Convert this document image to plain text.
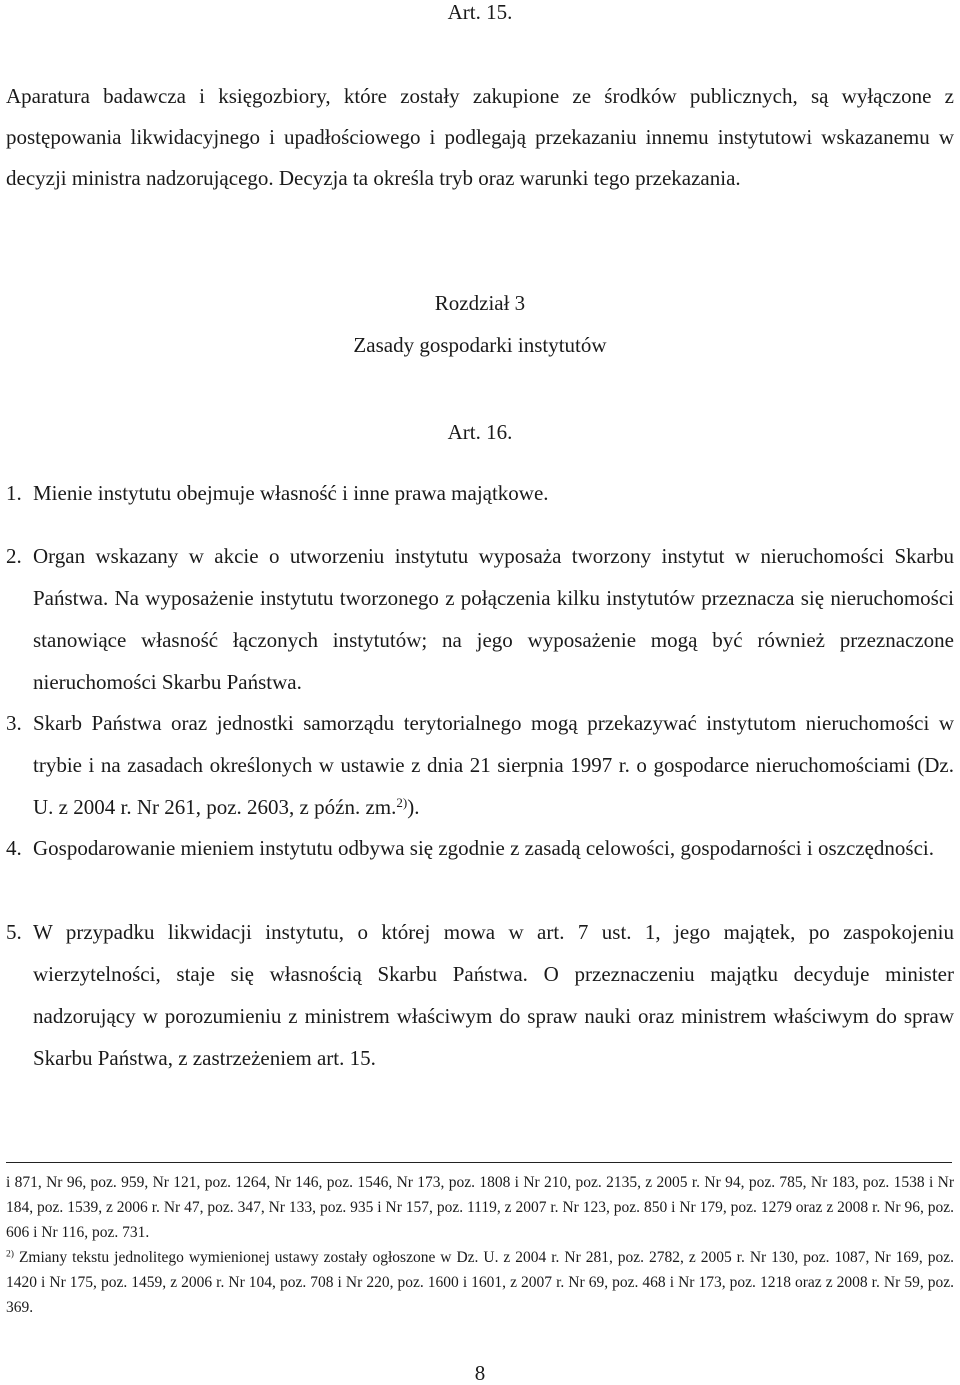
Art. 15.
Aparatura badawcza i księgozbiory, które zostały zakupione ze środków publicznych, są wyłączone z postępowania likwidacyjnego i upadłościowego i podlegają przekazaniu innemu instytutowi wskazanemu w decyzji ministra nadzorującego. Decyzja ta określa tryb oraz warunki tego przekazania.
Rozdział 3
Zasady gospodarki instytutów
Art. 16.
1. Mienie instytutu obejmuje własność i inne prawa majątkowe.
2. Organ wskazany w akcie o utworzeniu instytutu wyposaża tworzony instytut w nieruchomości Skarbu Państwa. Na wyposażenie instytutu tworzonego z połączenia kilku instytutów przeznacza się nieruchomości stanowiące własność łączonych instytutów; na jego wyposażenie mogą być również przeznaczone nieruchomości Skarbu Państwa.
3. Skarb Państwa oraz jednostki samorządu terytorialnego mogą przekazywać instytutom nieruchomości w trybie i na zasadach określonych w ustawie z dnia 21 sierpnia 1997 r. o gospodarce nieruchomościami (Dz. U. z 2004 r. Nr 261, poz. 2603, z późn. zm.$^{2)}$).
4. Gospodarowanie mieniem instytutu odbywa się zgodnie z zasadą celowości, gospodarności i oszczędności.
5. W przypadku likwidacji instytutu, o której mowa w art. 7 ust. 1, jego majątek, po zaspokojeniu wierzytelności, staje się własnością Skarbu Państwa. O przeznaczeniu majątku decyduje minister nadzorujący w porozumieniu z ministrem właściwym do spraw nauki oraz ministrem właściwym do spraw Skarbu Państwa, z zastrzeżeniem art. 15.

i 871, Nr 96, poz. 959, Nr 121, poz. 1264, Nr 146, poz. 1546, Nr 173, poz. 1808 i Nr 210, poz. 2135, z 2005 r. Nr 94, poz. 785, Nr 183, poz. 1538 i Nr 184, poz. 1539, z 2006 r. Nr 47, poz. 347, Nr 133, poz. 935 i Nr 157, poz. 1119, z 2007 r. Nr 123, poz. 850 i Nr 179, poz. 1279 oraz z 2008 r. Nr 96, poz. 606 i Nr 116, poz. 731.

$^{2)}$ Zmiany tekstu jednolitego wymienionej ustawy zostały ogłoszone w Dz. U. z 2004 r. Nr 281, poz. 2782, z 2005 r. Nr 130, poz. 1087, Nr 169, poz. 1420 i Nr 175, poz. 1459, z 2006 r. Nr 104, poz. 708 i Nr 220, poz. 1600 i 1601, z 2007 r. Nr 69, poz. 468 i Nr 173, poz. 1218 oraz z 2008 r. Nr 59, poz. 369.

8
